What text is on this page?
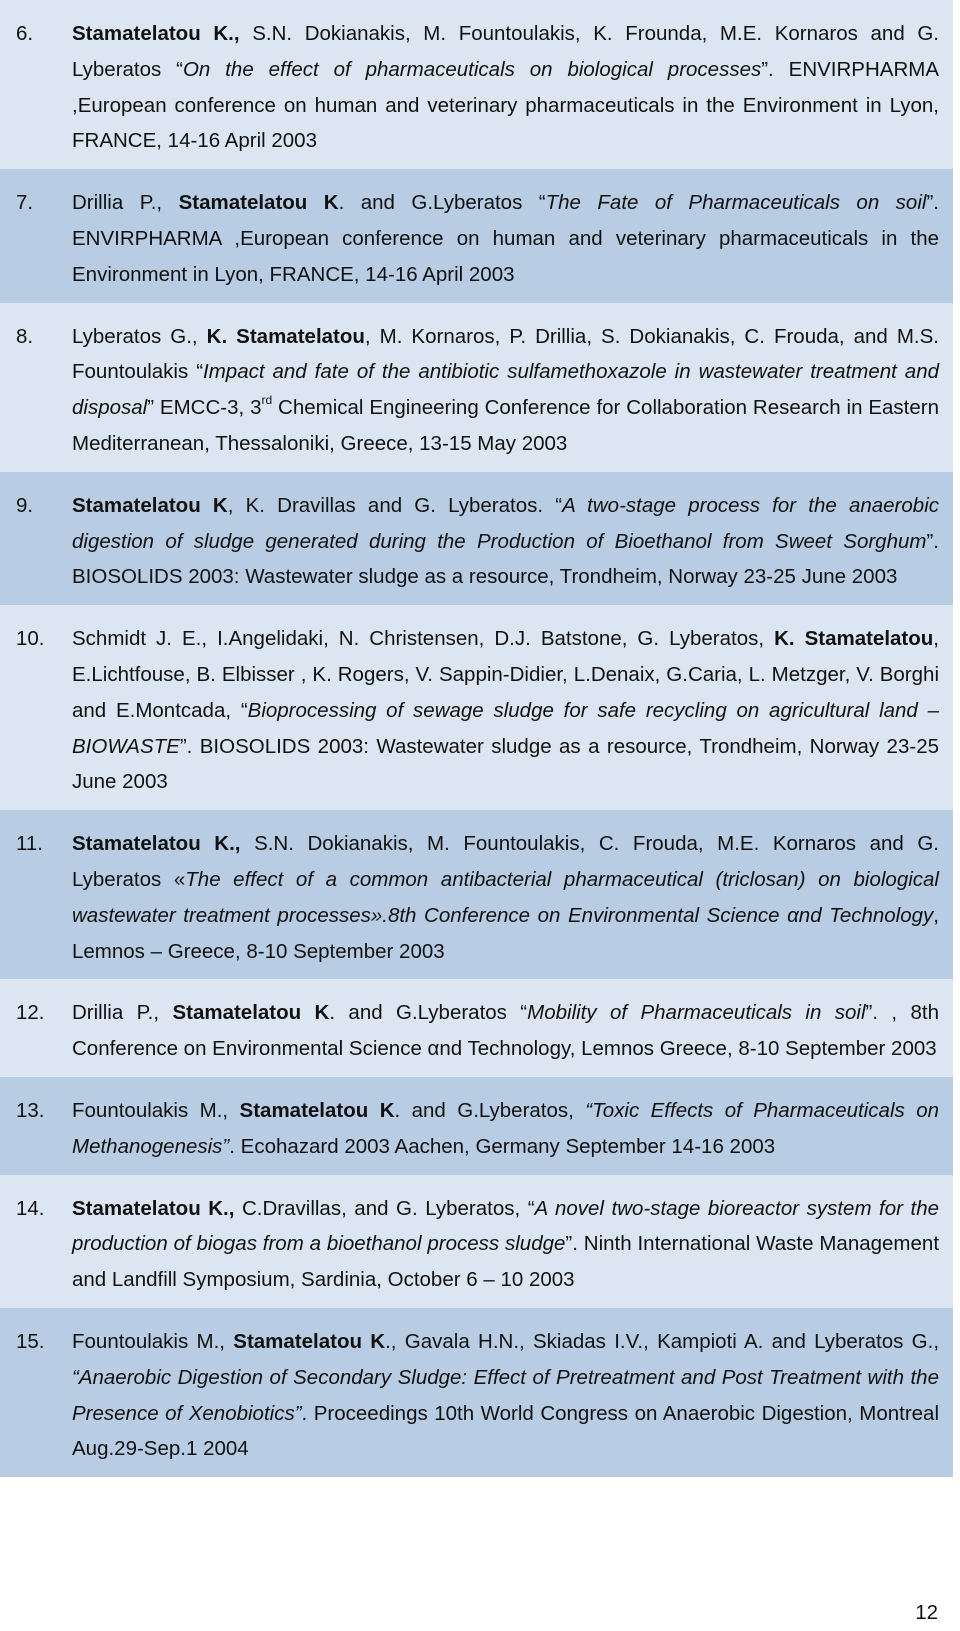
6.	Stamatelatou K., S.N. Dokianakis, M. Fountoulakis, K. Frounda, M.E. Kornaros and G. Lyberatos “On the effect of pharmaceuticals on biological processes”. ENVIRPHARMA ,European conference on human and veterinary pharmaceuticals in the Environment in Lyon, FRANCE, 14-16 April 2003
7.	Drillia P., Stamatelatou K. and G.Lyberatos “The Fate of Pharmaceuticals on soil”. ENVIRPHARMA ,European conference on human and veterinary pharmaceuticals in the Environment in Lyon, FRANCE, 14-16 April 2003
8.	Lyberatos G., K. Stamatelatou, M. Kornaros, P. Drillia, S. Dokianakis, C. Frouda, and M.S. Fountoulakis “Impact and fate of the antibiotic sulfamethoxazole in wastewater treatment and disposal” EMCC-3, 3rd Chemical Engineering Conference for Collaboration Research in Eastern Mediterranean, Thessaloniki, Greece, 13-15 May 2003
9.	Stamatelatou K, K. Dravillas and G. Lyberatos. “A two-stage process for the anaerobic digestion of sludge generated during the Production of Bioethanol from Sweet Sorghum”. BIOSOLIDS 2003: Wastewater sludge as a resource, Trondheim, Norway 23-25 June 2003
10.	Schmidt J. E., I.Angelidaki, N. Christensen, D.J. Batstone, G. Lyberatos, K. Stamatelatou, E.Lichtfouse, B. Elbisser , K. Rogers, V. Sappin-Didier, L.Denaix, G.Caria, L. Metzger, V. Borghi and E.Montcada, “Bioprocessing of sewage sludge for safe recycling on agricultural land – BIOWASTE”. BIOSOLIDS 2003: Wastewater sludge as a resource, Trondheim, Norway 23-25 June 2003
11.	Stamatelatou K., S.N. Dokianakis, M. Fountoulakis, C. Frouda, M.E. Kornaros and G. Lyberatos «The effect of a common antibacterial pharmaceutical (triclosan) on biological wastewater treatment processes».8th Conference on Environmental Science αnd Technology, Lemnos – Greece, 8-10 September 2003
12.	Drillia P., Stamatelatou K. and G.Lyberatos “Mobility of Pharmaceuticals in soil”. , 8th Conference on Environmental Science αnd Technology, Lemnos Greece, 8-10 September 2003
13.	Fountoulakis M., Stamatelatou K. and G.Lyberatos, “Toxic Effects of Pharmaceuticals on Methanogenesis”. Ecohazard 2003 Aachen, Germany September 14-16 2003
14.	Stamatelatou K., C.Dravillas, and G. Lyberatos, “A novel two-stage bioreactor system for the production of biogas from a bioethanol process sludge”. Ninth International Waste Management and Landfill Symposium, Sardinia, October 6 – 10 2003
15.	Fountoulakis M., Stamatelatou K., Gavala H.N., Skiadas I.V., Kampioti A. and Lyberatos G., “Anaerobic Digestion of Secondary Sludge: Effect of Pretreatment and Post Treatment with the Presence of Xenobiotics”. Proceedings 10th World Congress on Anaerobic Digestion, Montreal Aug.29-Sep.1 2004
12
